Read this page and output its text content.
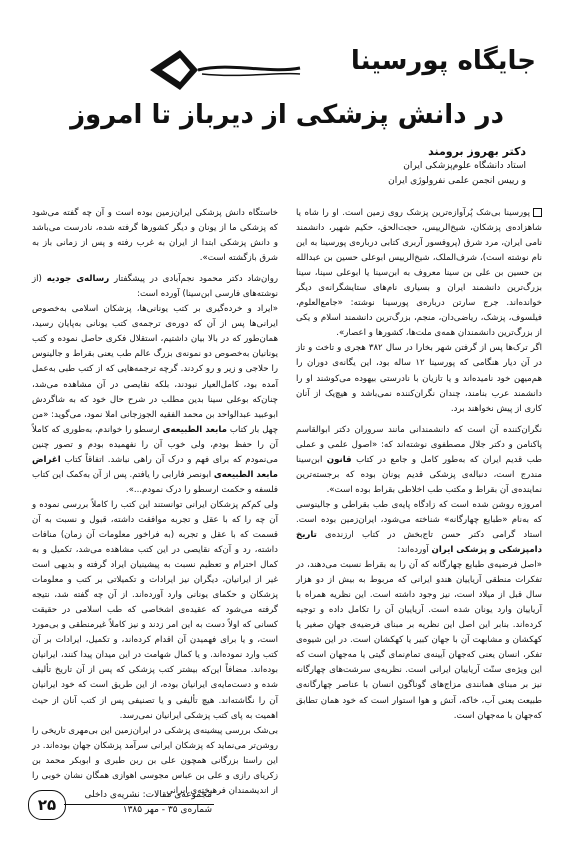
جایگاه پورسینا
در دانش پزشکی از دیرباز تا امروز
دکتر بهروز برومند
استاد دانشگاه علوم‌پزشکی ایران
و رییس انجمن علمی نفرولوژی ایران

پورسینا بی‌شک پُرآوازه‌ترین پزشک روی زمین است. او را شاه یا شاهزاده‌ی پزشکان، شیخ‌الرییس، حجت‌الحق، حکیم شهیر، دانشمند نامی ایران، مرد شرق (پروفسور آربری کتابی درباره‌ی پورسینا به این نام نوشته است)، شرف‌الملک، شیخ‌الرییس ابوعلی حسین بن عبدالله بن حسین بن علی بن سینا معروف به ابن‌سینا یا ابوعلی سینا، سینا بزرگ‌ترین دانشمند ایران و بسیاری نام‌های ستایشگرانه‌ی دیگر خوانده‌اند. جرج سارتن درباره‌ی پورسینا نوشته: «جامع‌العلوم، فیلسوف، پزشک، ریاضی‌دان، منجم، بزرگ‌ترین دانشمند اسلام و یکی از بزرگ‌ترین دانشمندان همه‌ی ملت‌ها، کشورها و اعصار».

اگر ترک‌ها پس از گرفتن شهر بخارا در سال ۳۸۲ هجری و تاخت و تاز در آن دیار هنگامی که پورسینا ۱۲ ساله بود، این یگانه‌ی دوران را هم‌میهن خود نامیده‌اند و یا تازیان با نادرستی بیهوده می‌کوشند او را دانشمند عرب بنامند، چندان نگران‌کننده نمی‌باشد و هیچ‌یک از آنان کاری از پیش نخواهند برد.

نگران‌کننده آن است که دانشمندانی مانند سروران دکتر ابوالقاسم پاکنامن و دکتر جلال مصطفوی نوشته‌اند که: «اصول علمی و عملی طب قدیم ایران که به‌طور کامل و جامع در کتاب قانون ابن‌سینا مندرج است، دنباله‌ی پزشکی قدیم یونان بوده که برجسته‌ترین نماینده‌ی آن بقراط و مکتب طب اخلاطی بقراط بوده است».

امروزه روشن شده است که زادگاه پایه‌ی طب بقراطی و جالینوسی که به‌نام «طبایع چهارگانه» شناخته می‌شود، ایران‌زمین بوده است. استاد گرامی دکتر حسن تاج‌بخش در کتاب ارزنده‌ی تاریخ دامپزشکی و پزشکی ایران آورده‌اند:

«اصل فرضیه‌ی طبایع چهارگانه که آن را به بقراط نسبت می‌دهند، در تفکرات منطقی آریاییان هندو ایرانی که مربوط به بیش از دو هزار سال قبل از میلاد است، نیز وجود داشته است. این نظریه همراه با آریاییان وارد یونان شده است. آریاییان آن را تکامل داده و توجیه کرده‌اند. بنابر این اصل این نظریه بر مبنای فرضیه‌ی جهان صغیر یا کهکشان و مشابهت آن با جهان کبیر یا کهکشان است. در این شیوه‌ی تفکر، انسان یعنی که‌جهان آیینه‌ی تمام‌نمای گیتی یا مه‌جهان است که این ویژه‌ی سنّت آریاییان ایرانی است. نظریه‌ی سرشت‌های چهارگانه نیز بر مبنای همانندی مزاج‌های گوناگون انسان با عناصر چهارگانه‌ی طبیعت یعنی آب، خاکه، آتش و هوا استوار است که خود همان تطابق که‌جهان با مه‌جهان است.

خاستگاه دانش پزشکی ایران‌زمین بوده است و آن چه گفته می‌شود که پزشکی ما از یونان و دیگر کشورها گرفته شده، نادرست می‌باشد و دانش پزشکی ابتدا از ایران به غرب رفته و پس از زمانی باز به شرق بازگشته است».

روان‌شاد دکتر محمود نجم‌آبادی در پیشگفتار رساله‌ی جودیه (از نوشته‌های فارسی ابن‌سینا) آورده است:

«ایراد و خرده‌گیری بر کتب یونانی‌ها، پزشکان اسلامی به‌خصوص ایرانی‌ها پس از آن که دوره‌ی ترجمه‌ی کتب یونانی به‌پایان رسید، همان‌طور که در بالا بیان داشتیم، استقلال فکری حاصل نموده و کتب یونانیان به‌خصوص دو نمونه‌ی بزرگ عالم طب یعنی بقراط و جالینوس را حلاجی و زیر و رو کردند. گرچه ترجمه‌هایی که از کتب طبی به‌عمل آمده بود، کامل‌العیار نبودند، بلکه نقایصی در آن مشاهده می‌شد، چنان‌که بوعلی سینا بدین مطلب در شرح حال خود که به شاگردش ابوعبید عبدالواحد بن محمد الفقیه الجوزجانی املا نمود، می‌گوید: «من چهل بار کتاب مابعد الطبیعه‌ی ارسطو را خواندم، به‌طوری که کاملاً آن را حفظ بودم، ولی خوب آن را نفهمیده بودم و تصور چنین می‌نمودم که برای فهم و درک آن راهی نباشد. اتفاقاً کتاب اغراض مابعد الطبیعه‌ی ابونصر فارابی را یافتم. پس از آن به‌کمک این کتاب فلسفه و حکمت ارسطو را درک نمودم...».

ولی کم‌کم پزشکان ایرانی توانستند این کتب را کاملاً بررسی نموده و آن چه را که با عقل و تجربه موافقت داشته، قبول و نسبت به آن قسمت که با عقل و تجربه (به فراخور معلومات آن زمان) منافات داشته، رد و آن‌که نقایصی در این کتب مشاهده می‌شد، تکمیل و به کمال احترام و تعظیم نسبت به پیشینیان ایراد گرفته و بدیهی است غیر از ایرانیان، دیگران نیز ایرادات و تکمیلاتی بر کتب و معلومات پزشکان و حکمای یونانی وارد آورده‌اند. از آن چه گفته شد، نتیجه گرفته می‌شود که عقیده‌ی اشخاصی که طب اسلامی در حقیقت کسانی که اولاً دست به این امر زدند و نیز کاملاً غیرمنطقی و بی‌مورد است، و یا برای فهمیدن آن اقدام کرده‌اند، و تکمیل، ایرادات بر آن کتب وارد نموده‌اند. و یا کمال شهامت در این میدان پیدا کنند، ایرانیان بوده‌اند. مضافاً این‌که بیشتر کتب پزشکی که پس از آن تاریخ تألیف شده و دست‌مایه‌ی ایرانیان بوده، از این طریق است که خود ایرانیان آن را نگاشته‌اند. هیچ تألیفی و یا تصنیفی پس از کتب آنان از حیث اهمیت به پای کتب پزشکی ایرانیان نمی‌رسد.

بی‌شک بررسی پیشینه‌ی پزشکی در ایران‌زمین این بی‌مهری تاریخی را روشن‌تر می‌نماید که پزشکان ایرانی سرآمد پزشکان جهان بوده‌اند. در این راستا بزرگانی همچون علی بن ربن طبری و ابوبکر محمد بن زکریای رازی و علی بن عباس مجوسی اهوازی همگان نشان خوبی را از اندیشمندان فرهیخته‌ی ایرانی

۲۵
مجموعه‌ی مقالات: نشریه‌ی داخلی
شماره‌ی ۳۵ - مهر ۱۳۸۵
